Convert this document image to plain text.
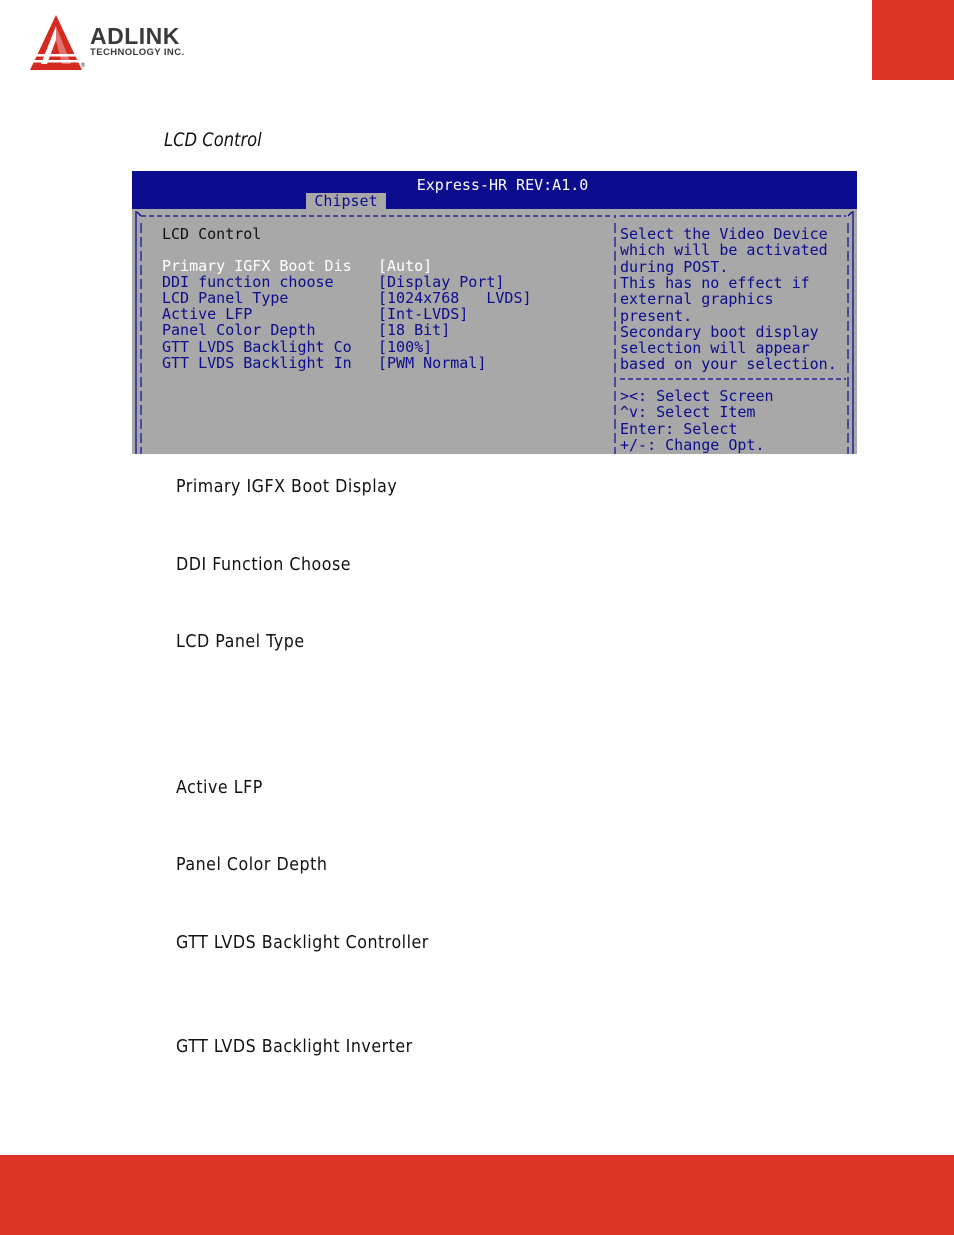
ADLINK
TECHNOLOGY INC.
®
LCD Control
Express-HR REV:A1.0
Chipset
LCD Control
Primary IGFX Boot Dis [Auto]
DDI function choose	[Display Port]
LCD Panel Type	[1024x768   LVDS]
Active LFP	[Int-LVDS]
Panel Color Depth	[18 Bit]
GTT LVDS Backlight Co [100%]
GTT LVDS Backlight In [PWM Normal]
Select the Video Device
which will be activated
during POST.
This has no effect if
external graphics
present.
Secondary boot display
selection will appear
based on your selection.
><: Select Screen
^v: Select Item
Enter: Select
+/-: Change Opt.
Primary IGFX Boot Display
DDI Function Choose
LCD Panel Type
Active LFP
Panel Color Depth
GTT LVDS Backlight Controller
GTT LVDS Backlight Inverter
